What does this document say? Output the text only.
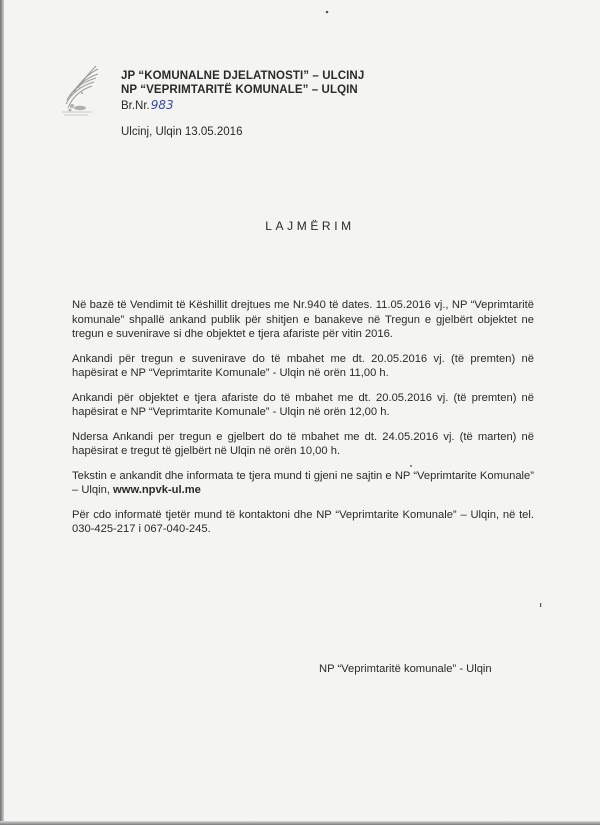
JP “KOMUNALNE DJELATNOSTI” – ULCINJ
NP “VEPRIMTARITË KOMUNALE” – ULQIN
Br.Nr.983
Ulcinj, Ulqin 13.05.2016
LAJMËRIM

Në bazë të Vendimit të Këshillit drejtues me Nr.940 të dates. 11.05.2016 vj., NP “Veprimtaritë komunale” shpallë ankand publik për shitjen e banakeve në Tregun e gjelbërt objektet ne tregun e suvenirave si dhe objektet e tjera afariste për vitin 2016.

Ankandi për tregun e suvenirave do të mbahet me dt. 20.05.2016 vj. (të premten) në hapësirat e NP “Veprimtarite Komunale” - Ulqin në orën 11,00 h.

Ankandi për objektet e tjera afariste do të mbahet me dt. 20.05.2016 vj. (të premten) në hapësirat e NP “Veprimtarite Komunale” - Ulqin në orën 12,00 h.

Ndersa Ankandi per tregun e gjelbert do të mbahet me dt. 24.05.2016 vj. (të marten) në hapësirat e tregut të gjelbërt në Ulqin në orën 10,00 h.

Tekstin e ankandit dhe informata te tjera mund ti gjeni ne sajtin e NP “Veprimtarite Komunale” – Ulqin, www.npvk-ul.me

Për cdo informatë tjetër mund të kontaktoni dhe NP “Veprimtarite Komunale” – Ulqin, në tel. 030-425-217 i 067-040-245.

NP “Veprimtaritë komunale” - Ulqin
